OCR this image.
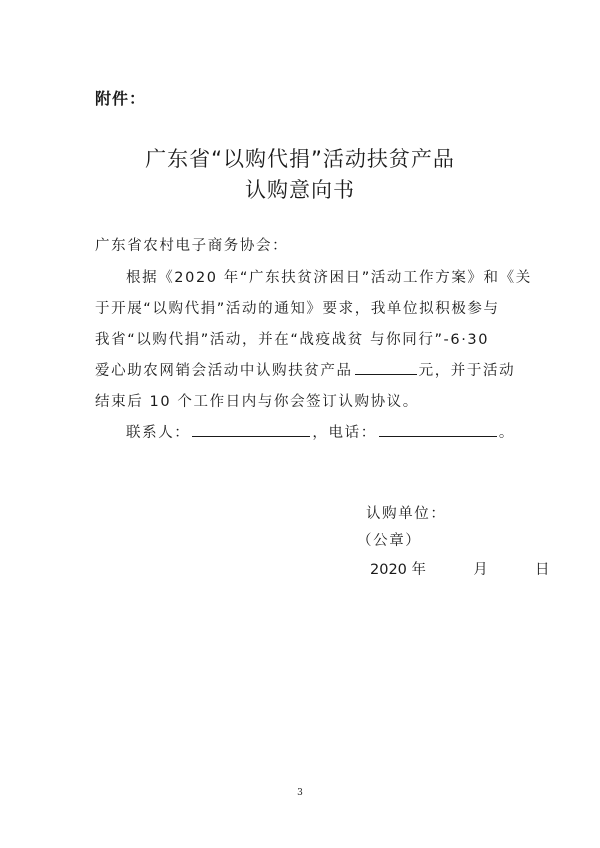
附件：
广东省“以购代捐”活动扶贫产品
认购意向书
广东省农村电子商务协会：
根据《2020 年“广东扶贫济困日”活动工作方案》和《关
于开展“以购代捐”活动的通知》要求，我单位拟积极参与
我省“以购代捐”活动，并在“战疫战贫 与你同行”-6·30
爱心助农网销会活动中认购扶贫产品	元，并于活动
结束后 10 个工作日内与你会签订认购协议。
联系人：	，电话：	。
认购单位：
（公章）
2020 年	月	日
3
